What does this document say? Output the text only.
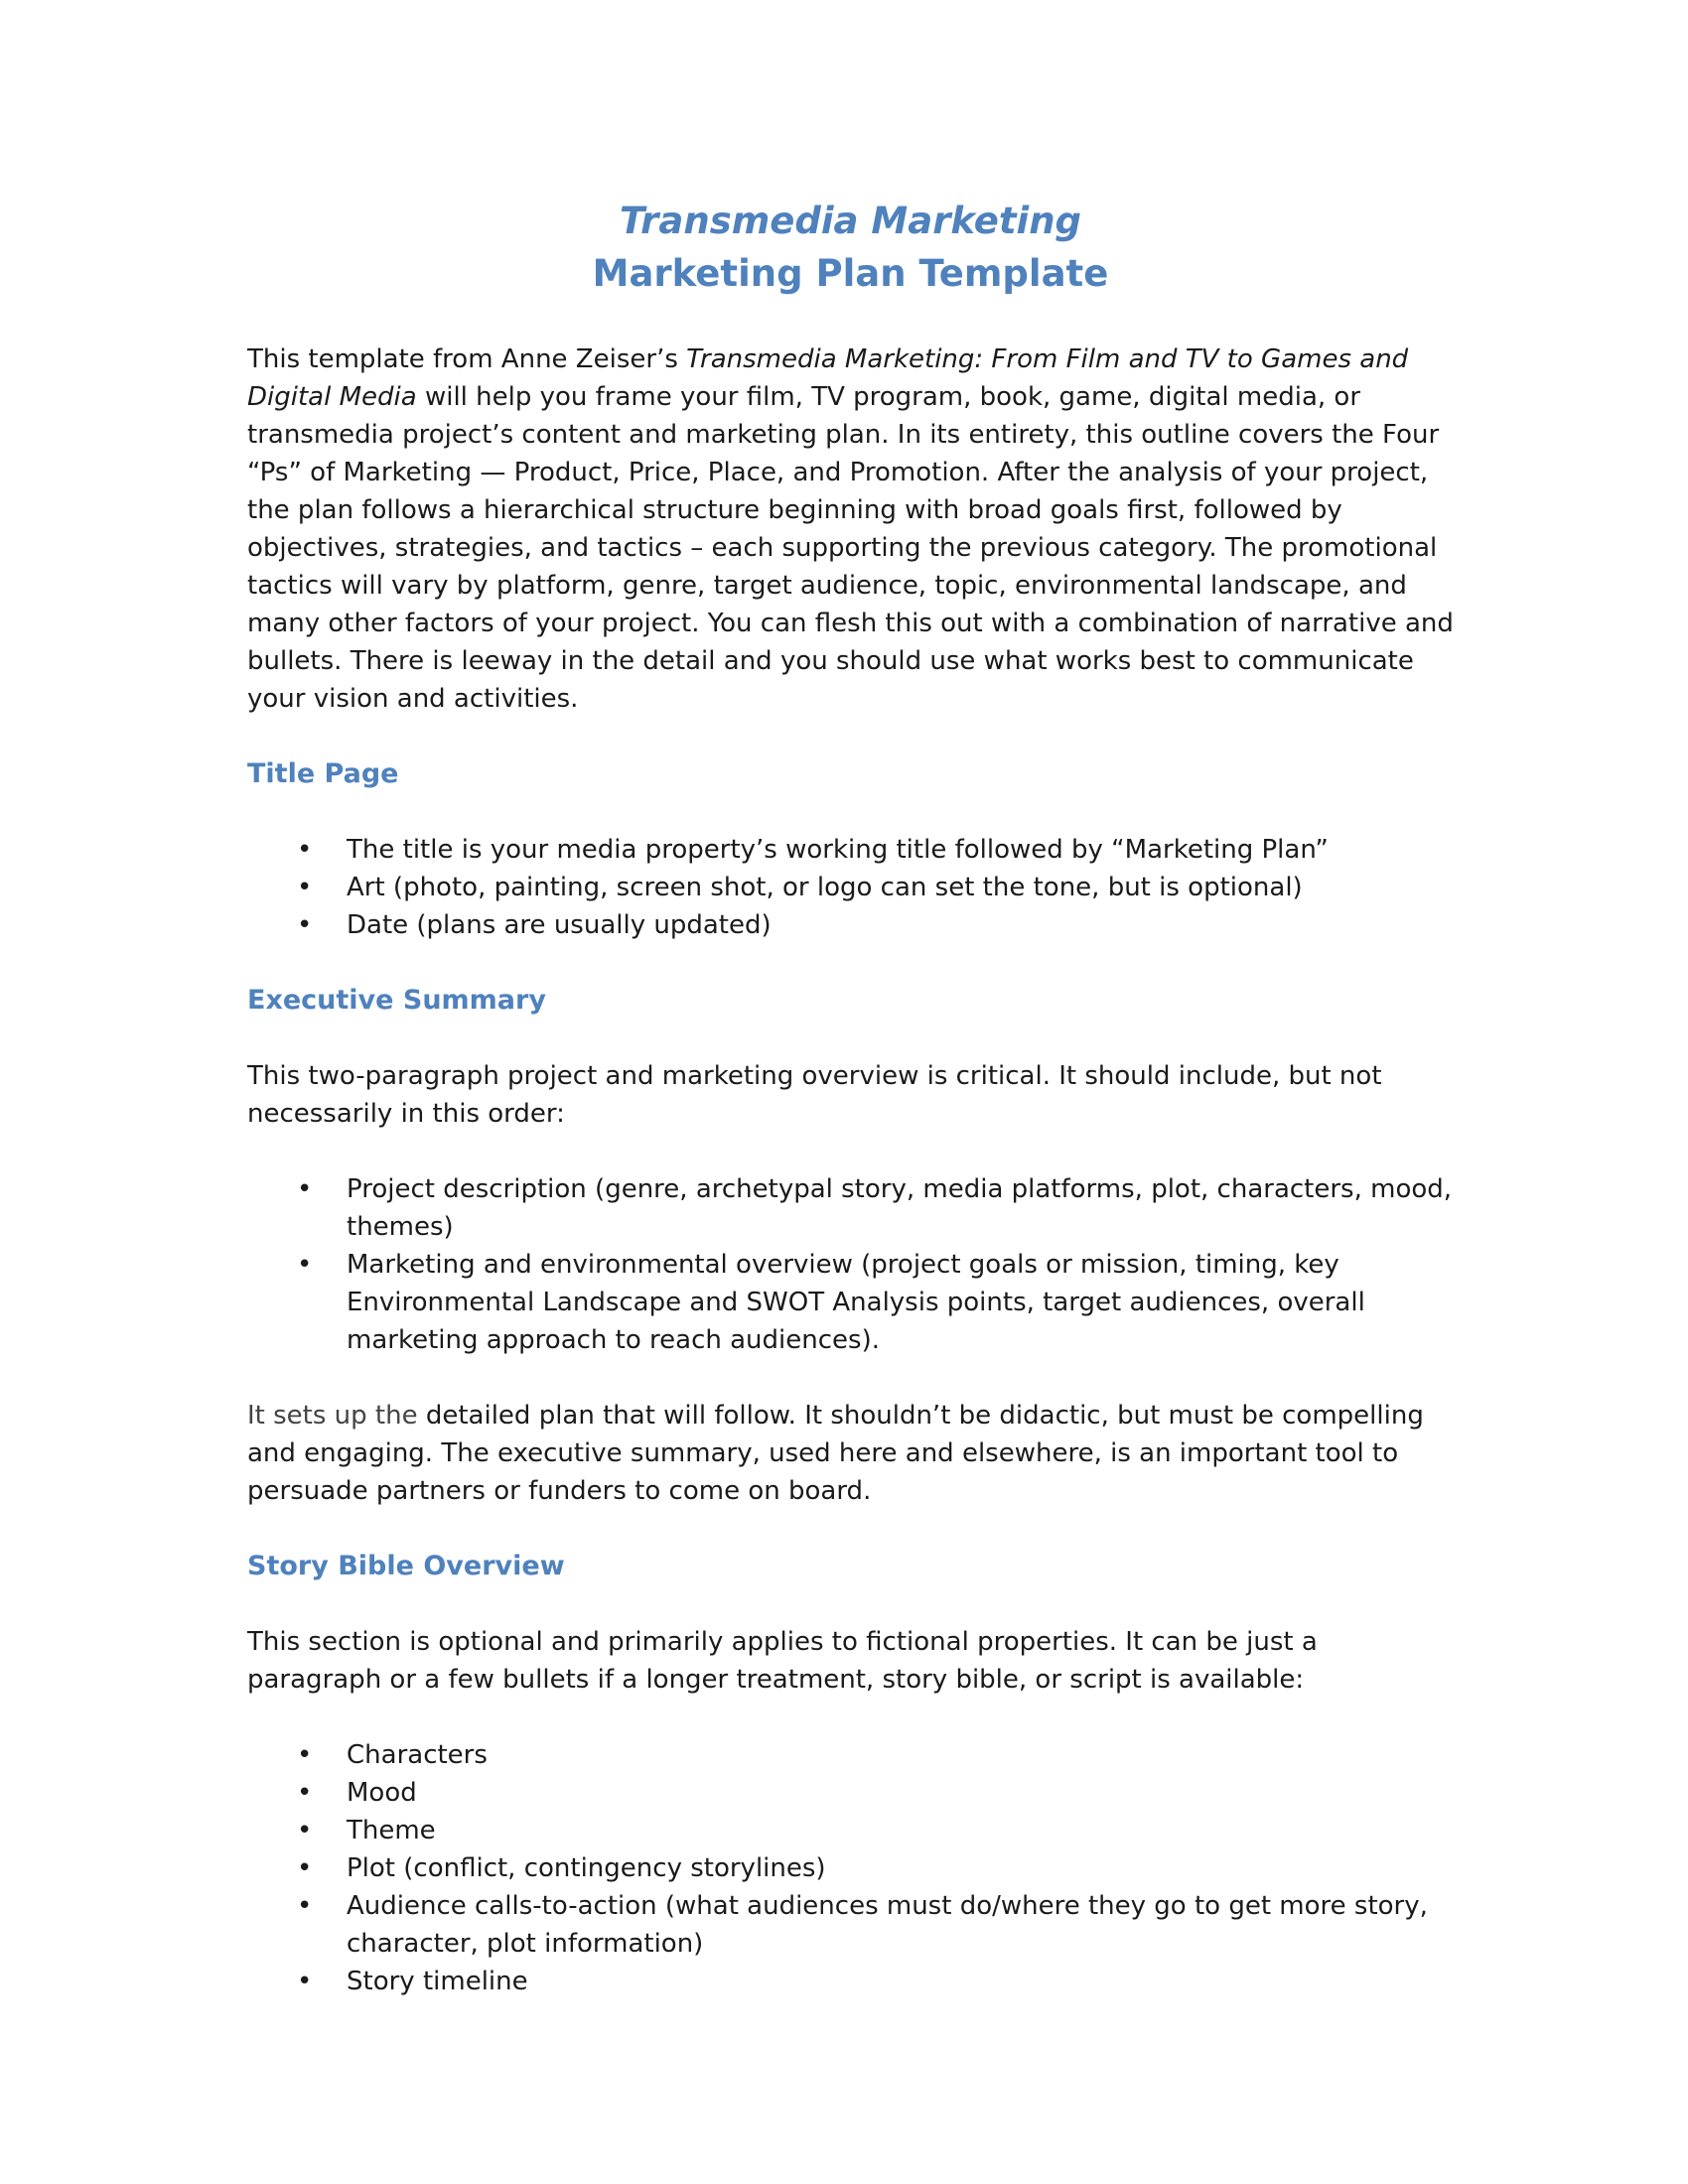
Transmedia Marketing
Marketing Plan Template

This template from Anne Zeiser’s Transmedia Marketing: From Film and TV to Games and Digital Media will help you frame your film, TV program, book, game, digital media, or transmedia project’s content and marketing plan. In its entirety, this outline covers the Four “Ps” of Marketing — Product, Price, Place, and Promotion. After the analysis of your project, the plan follows a hierarchical structure beginning with broad goals first, followed by objectives, strategies, and tactics – each supporting the previous category. The promotional tactics will vary by platform, genre, target audience, topic, environmental landscape, and many other factors of your project. You can flesh this out with a combination of narrative and bullets. There is leeway in the detail and you should use what works best to communicate your vision and activities.

Title Page
• The title is your media property’s working title followed by “Marketing Plan”
• Art (photo, painting, screen shot, or logo can set the tone, but is optional)
• Date (plans are usually updated)
Executive Summary

This two-paragraph project and marketing overview is critical. It should include, but not necessarily in this order:

• Project description (genre, archetypal story, media platforms, plot, characters, mood, themes)
• Marketing and environmental overview (project goals or mission, timing, key Environmental Landscape and SWOT Analysis points, target audiences, overall marketing approach to reach audiences).

It sets up the detailed plan that will follow. It shouldn’t be didactic, but must be compelling and engaging. The executive summary, used here and elsewhere, is an important tool to persuade partners or funders to come on board.

Story Bible Overview

This section is optional and primarily applies to fictional properties. It can be just a paragraph or a few bullets if a longer treatment, story bible, or script is available:

• Characters
• Mood
• Theme
• Plot (conflict, contingency storylines)
• Audience calls-to-action (what audiences must do/where they go to get more story, character, plot information)
• Story timeline
